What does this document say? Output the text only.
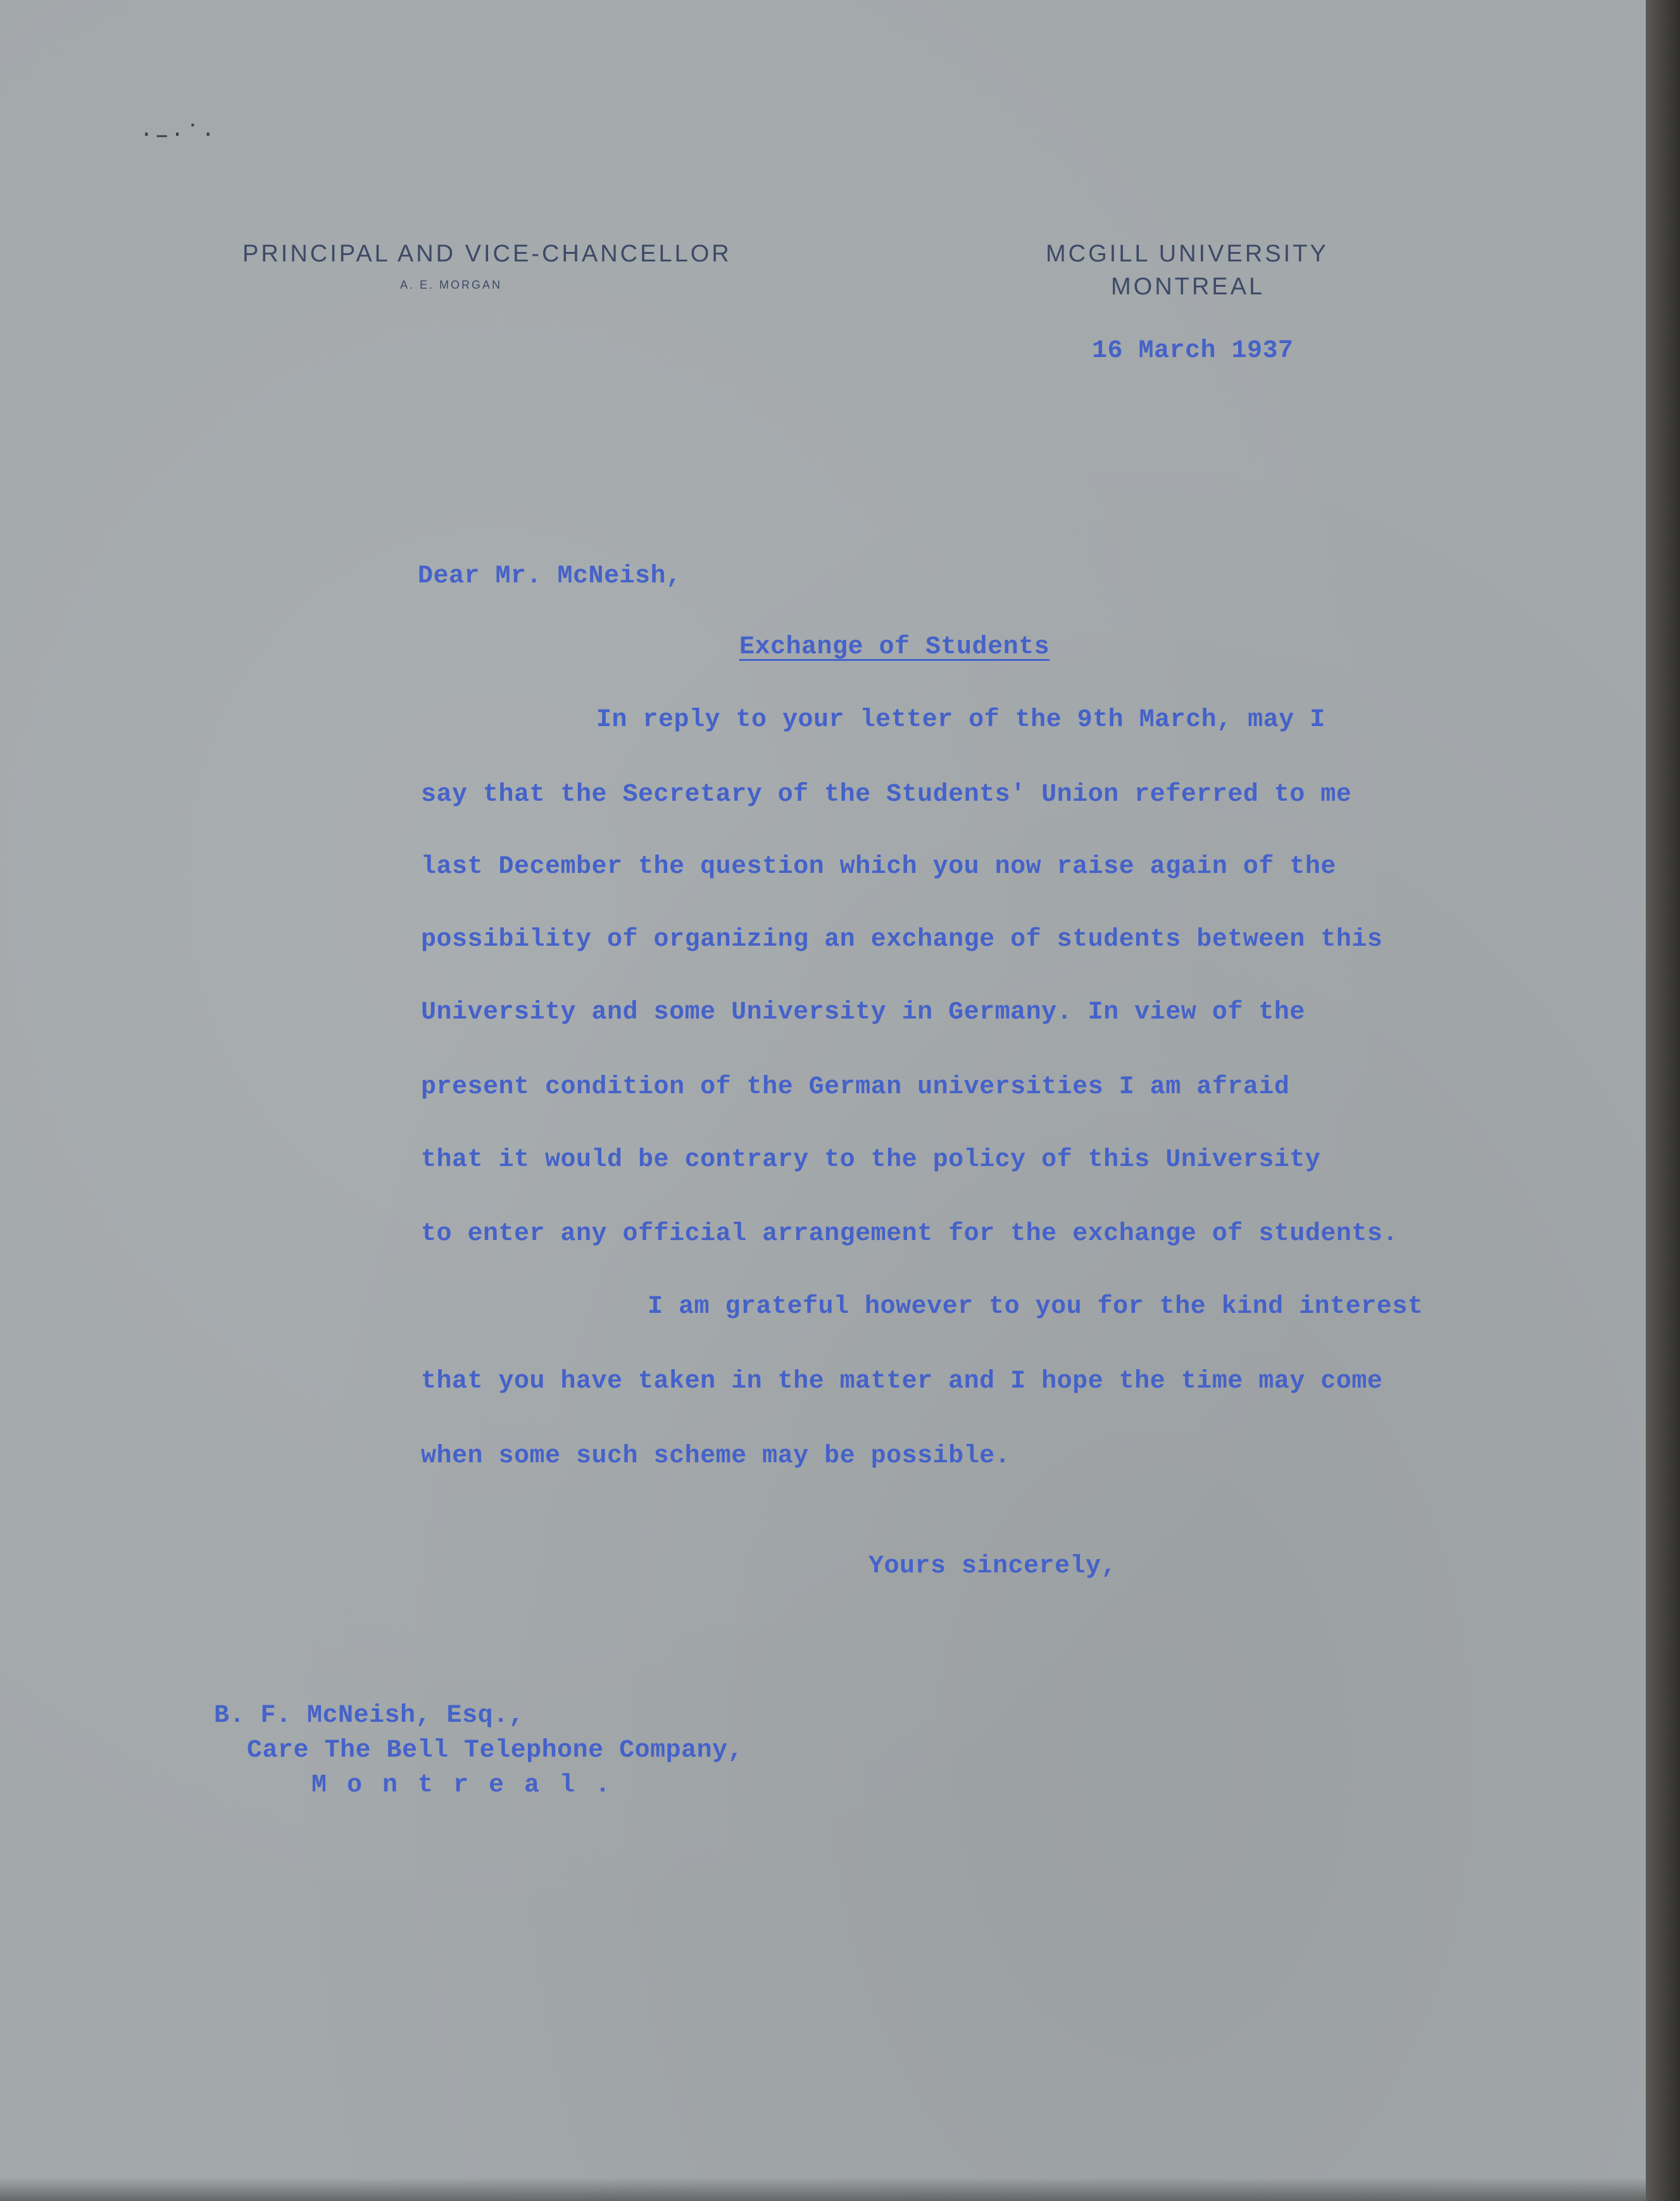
·–·˙·
PRINCIPAL AND VICE-CHANCELLOR
A. E. MORGAN
MCGILL UNIVERSITY
MONTREAL
16 March 1937
Dear Mr. McNeish,
Exchange of Students
In reply to your letter of the 9th March, may I
say that the Secretary of the Students' Union referred to me
last December the question which you now raise again of the
possibility of organizing an exchange of students between this
University and some University in Germany. In view of the
present condition of the German universities I am afraid
that it would be contrary to the policy of this University
to enter any official arrangement for the exchange of students.
I am grateful however to you for the kind interest
that you have taken in the matter and I hope the time may come
when some such scheme may be possible.
Yours sincerely,
B. F. McNeish, Esq.,
Care The Bell Telephone Company,
Montreal.
